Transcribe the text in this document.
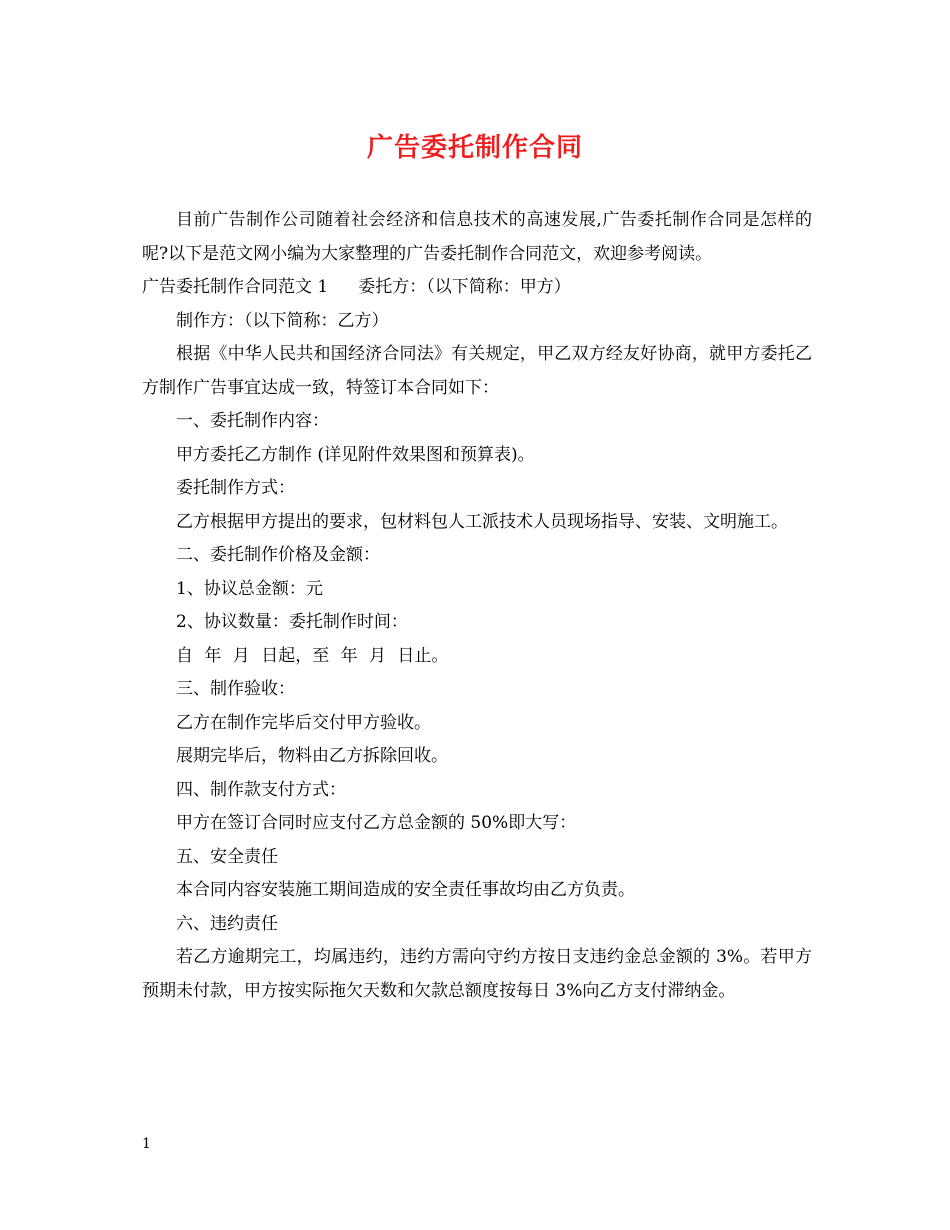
广告委托制作合同

目前广告制作公司随着社会经济和信息技术的高速发展,广告委托制作合同是怎样的呢?以下是范文网小编为大家整理的广告委托制作合同范文，欢迎参考阅读。

广告委托制作合同范文 1 委托方：（以下简称：甲方）

制作方：（以下简称：乙方）

根据《中华人民共和国经济合同法》有关规定，甲乙双方经友好协商，就甲方委托乙方制作广告事宜达成一致，特签订本合同如下：

一、委托制作内容：

甲方委托乙方制作 (详见附件效果图和预算表)。

委托制作方式：

乙方根据甲方提出的要求，包材料包人工派技术人员现场指导、安装、文明施工。

二、委托制作价格及金额：

1、协议总金额：元

2、协议数量：委托制作时间：

自 年 月 日起，至 年 月 日止。

三、制作验收：

乙方在制作完毕后交付甲方验收。

展期完毕后，物料由乙方拆除回收。

四、制作款支付方式：

甲方在签订合同时应支付乙方总金额的 50%即大写：

五、安全责任

本合同内容安装施工期间造成的安全责任事故均由乙方负责。

六、违约责任

若乙方逾期完工，均属违约，违约方需向守约方按日支违约金总金额的 3%。若甲方预期未付款，甲方按实际拖欠天数和欠款总额度按每日 3%向乙方支付滞纳金。

1
